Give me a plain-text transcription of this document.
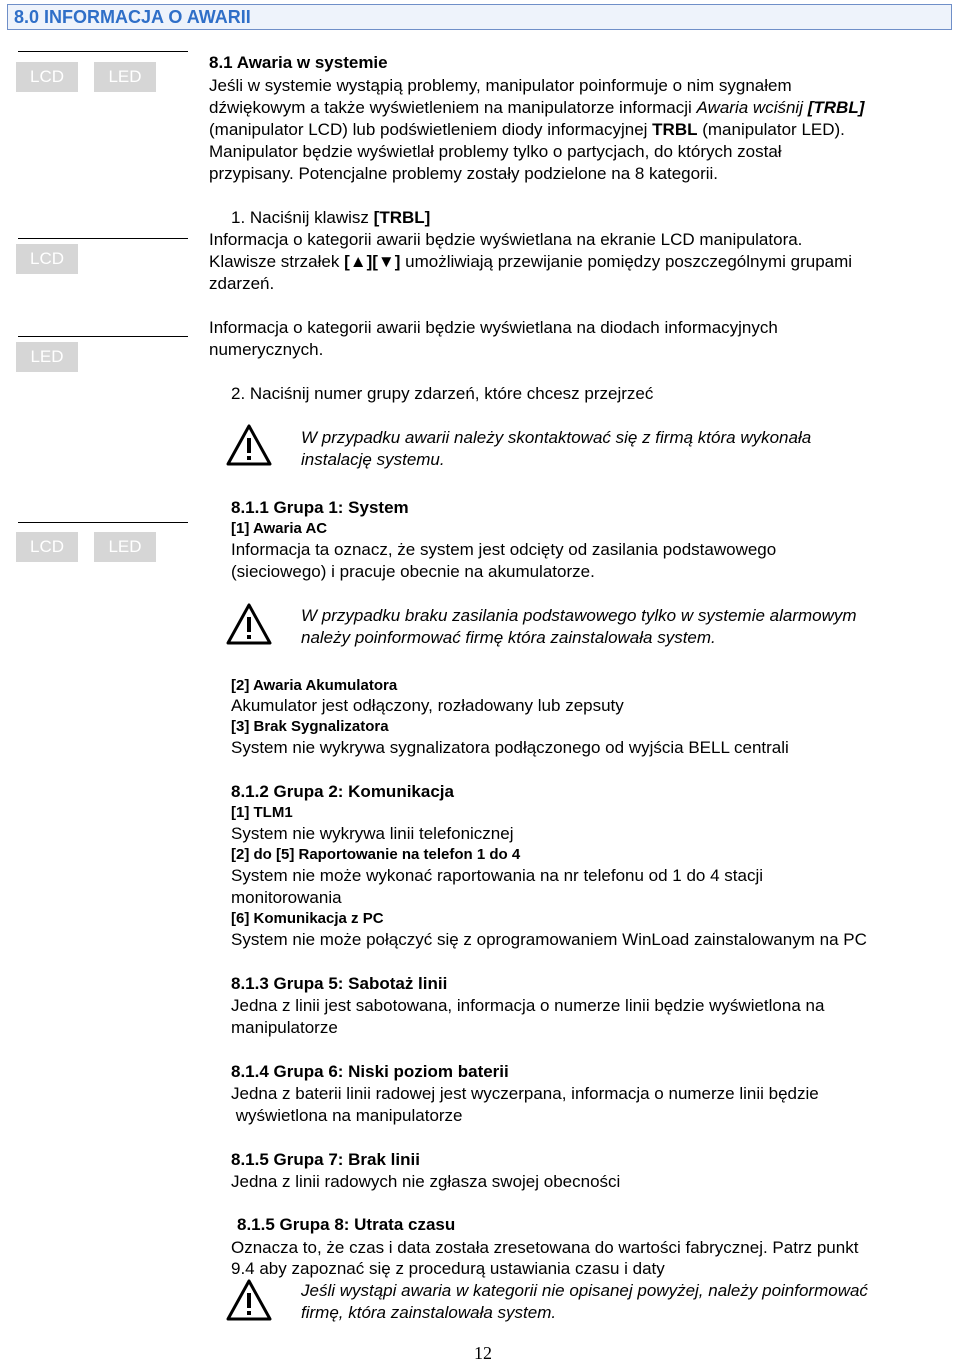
8.0 INFORMACJA O AWARII
LCD	LED
LCD
LED
LCD	LED
8.1 Awaria w systemie
Jeśli w systemie wystąpią problemy, manipulator poinformuje o nim sygnałem
dźwiękowym a także wyświetleniem na manipulatorze informacji Awaria wciśnij [TRBL]
(manipulator LCD) lub podświetleniem diody informacyjnej TRBL (manipulator LED).
Manipulator będzie wyświetlał problemy tylko o partycjach, do których został
przypisany. Potencjalne problemy zostały podzielone na 8 kategorii.
1. Naciśnij klawisz [TRBL]
Informacja o kategorii awarii będzie wyświetlana na ekranie LCD manipulatora.
Klawisze strzałek [▲][▼] umożliwiają przewijanie pomiędzy poszczególnymi grupami
zdarzeń.
Informacja o kategorii awarii będzie wyświetlana na diodach informacyjnych
numerycznych.
2. Naciśnij numer grupy zdarzeń, które chcesz przejrzeć
W przypadku awarii należy skontaktować się z firmą która wykonała
instalację systemu.
8.1.1 Grupa 1: System
[1] Awaria AC
Informacja ta oznacz, że system jest odcięty od zasilania podstawowego
(sieciowego) i pracuje obecnie na akumulatorze.
W przypadku braku zasilania podstawowego tylko w systemie alarmowym
należy poinformować firmę która zainstalowała system.
[2] Awaria Akumulatora
Akumulator jest odłączony, rozładowany lub zepsuty
[3] Brak Sygnalizatora
System nie wykrywa sygnalizatora podłączonego od wyjścia BELL centrali
8.1.2 Grupa 2: Komunikacja
[1] TLM1
System nie wykrywa linii telefonicznej
[2] do [5] Raportowanie na telefon 1 do 4
System nie może wykonać raportowania na nr telefonu od 1 do 4 stacji
monitorowania
[6] Komunikacja z PC
System nie może połączyć się z oprogramowaniem WinLoad zainstalowanym na PC
8.1.3 Grupa 5: Sabotaż linii
Jedna z linii jest sabotowana, informacja o numerze linii będzie wyświetlona na
manipulatorze
8.1.4 Grupa 6: Niski poziom baterii
Jedna z baterii linii radowej jest wyczerpana, informacja o numerze linii będzie
wyświetlona na manipulatorze
8.1.5 Grupa 7: Brak linii
Jedna z linii radowych nie zgłasza swojej obecności
8.1.5 Grupa 8: Utrata czasu
Oznacza to, że czas i data została zresetowana do wartości fabrycznej. Patrz punkt
9.4 aby zapoznać się z procedurą ustawiania czasu i daty
Jeśli wystąpi awaria w kategorii nie opisanej powyżej, należy poinformować
firmę, która zainstalowała system.
12
